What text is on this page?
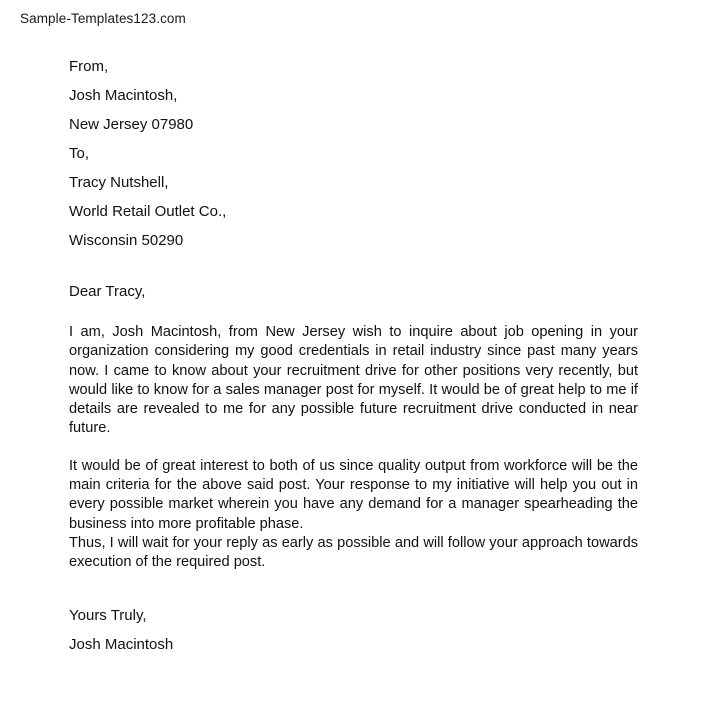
Sample-Templates123.com
From,
Josh Macintosh,
New Jersey 07980
To,
Tracy Nutshell,
World Retail Outlet Co.,
Wisconsin 50290
Dear Tracy,

I am, Josh Macintosh, from New Jersey wish to inquire about job opening in your organization considering my good credentials in retail industry since past many years now. I came to know about your recruitment drive for other positions very recently, but would like to know for a sales manager post for myself. It would be of great help to me if details are revealed to me for any possible future recruitment drive conducted in near future.

It would be of great interest to both of us since quality output from workforce will be the main criteria for the above said post. Your response to my initiative will help you out in every possible market wherein you have any demand for a manager spearheading the business into more profitable phase.

Thus, I will wait for your reply as early as possible and will follow your approach towards execution of the required post.

Yours Truly,
Josh Macintosh
